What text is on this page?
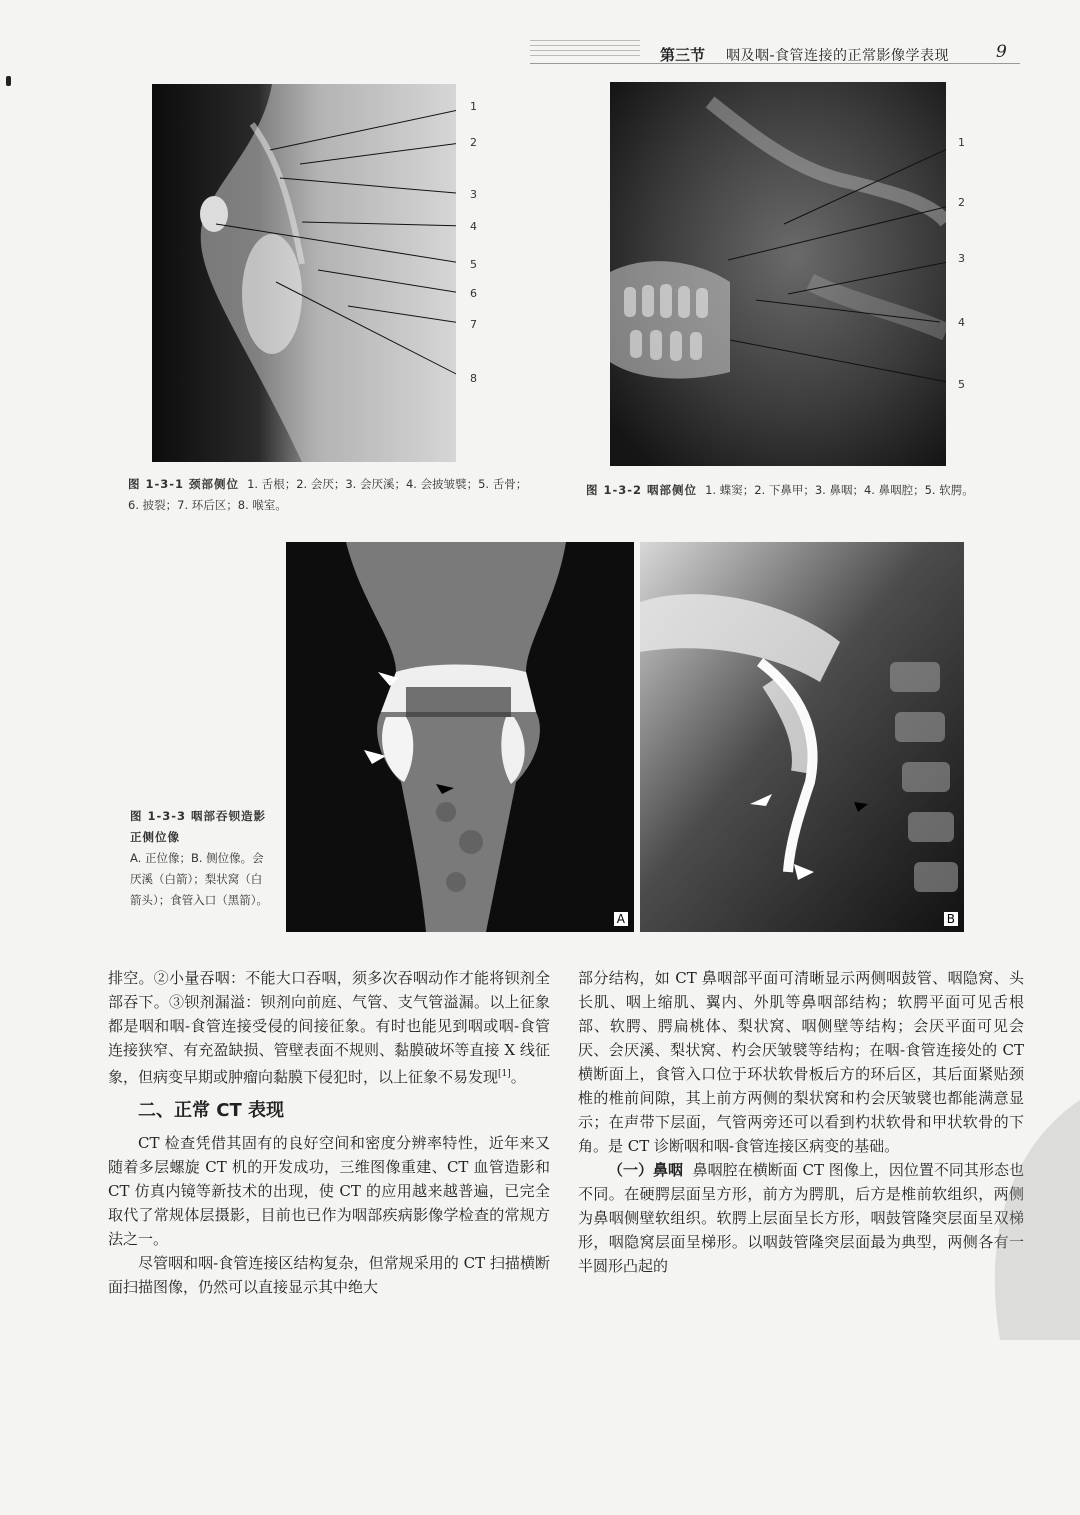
第三节 咽及咽-食管连接的正常影像学表现	9
1
2
3
4
5
6
7
8
图 1-3-1 颈部侧位 1. 舌根；2. 会厌；3. 会厌溪；4. 会披皱襞；5. 舌骨；6. 披裂；7. 环后区；8. 喉室。
1
2
3
4
5
图 1-3-2 咽部侧位 1. 蝶窦；2. 下鼻甲；3. 鼻咽；4. 鼻咽腔；5. 软腭。
A	B
图 1-3-3 咽部吞钡造影正侧位像
A. 正位像；B. 侧位像。会厌溪（白箭）；梨状窝（白箭头）；食管入口（黑箭）。

排空。②小量吞咽：不能大口吞咽，须多次吞咽动作才能将钡剂全部吞下。③钡剂漏溢：钡剂向前庭、气管、支气管溢漏。以上征象都是咽和咽-食管连接受侵的间接征象。有时也能见到咽或咽-食管连接狭窄、有充盈缺损、管壁表面不规则、黏膜破坏等直接 X 线征象，但病变早期或肿瘤向黏膜下侵犯时，以上征象不易发现[1]。

二、正常 CT 表现

CT 检查凭借其固有的良好空间和密度分辨率特性，近年来又随着多层螺旋 CT 机的开发成功，三维图像重建、CT 血管造影和 CT 仿真内镜等新技术的出现，使 CT 的应用越来越普遍，已完全取代了常规体层摄影，目前也已作为咽部疾病影像学检查的常规方法之一。

尽管咽和咽-食管连接区结构复杂，但常规采用的 CT 扫描横断面扫描图像，仍然可以直接显示其中绝大

部分结构，如 CT 鼻咽部平面可清晰显示两侧咽鼓管、咽隐窝、头长肌、咽上缩肌、翼内、外肌等鼻咽部结构；软腭平面可见舌根部、软腭、腭扁桃体、梨状窝、咽侧壁等结构；会厌平面可见会厌、会厌溪、梨状窝、杓会厌皱襞等结构；在咽-食管连接处的 CT 横断面上，食管入口位于环状软骨板后方的环后区，其后面紧贴颈椎的椎前间隙，其上前方两侧的梨状窝和杓会厌皱襞也都能满意显示；在声带下层面，气管两旁还可以看到杓状软骨和甲状软骨的下角。是 CT 诊断咽和咽-食管连接区病变的基础。

（一）鼻咽 鼻咽腔在横断面 CT 图像上，因位置不同其形态也不同。在硬腭层面呈方形，前方为腭肌，后方是椎前软组织，两侧为鼻咽侧壁软组织。软腭上层面呈长方形，咽鼓管隆突层面呈双梯形，咽隐窝层面呈梯形。以咽鼓管隆突层面最为典型，两侧各有一半圆形凸起的
